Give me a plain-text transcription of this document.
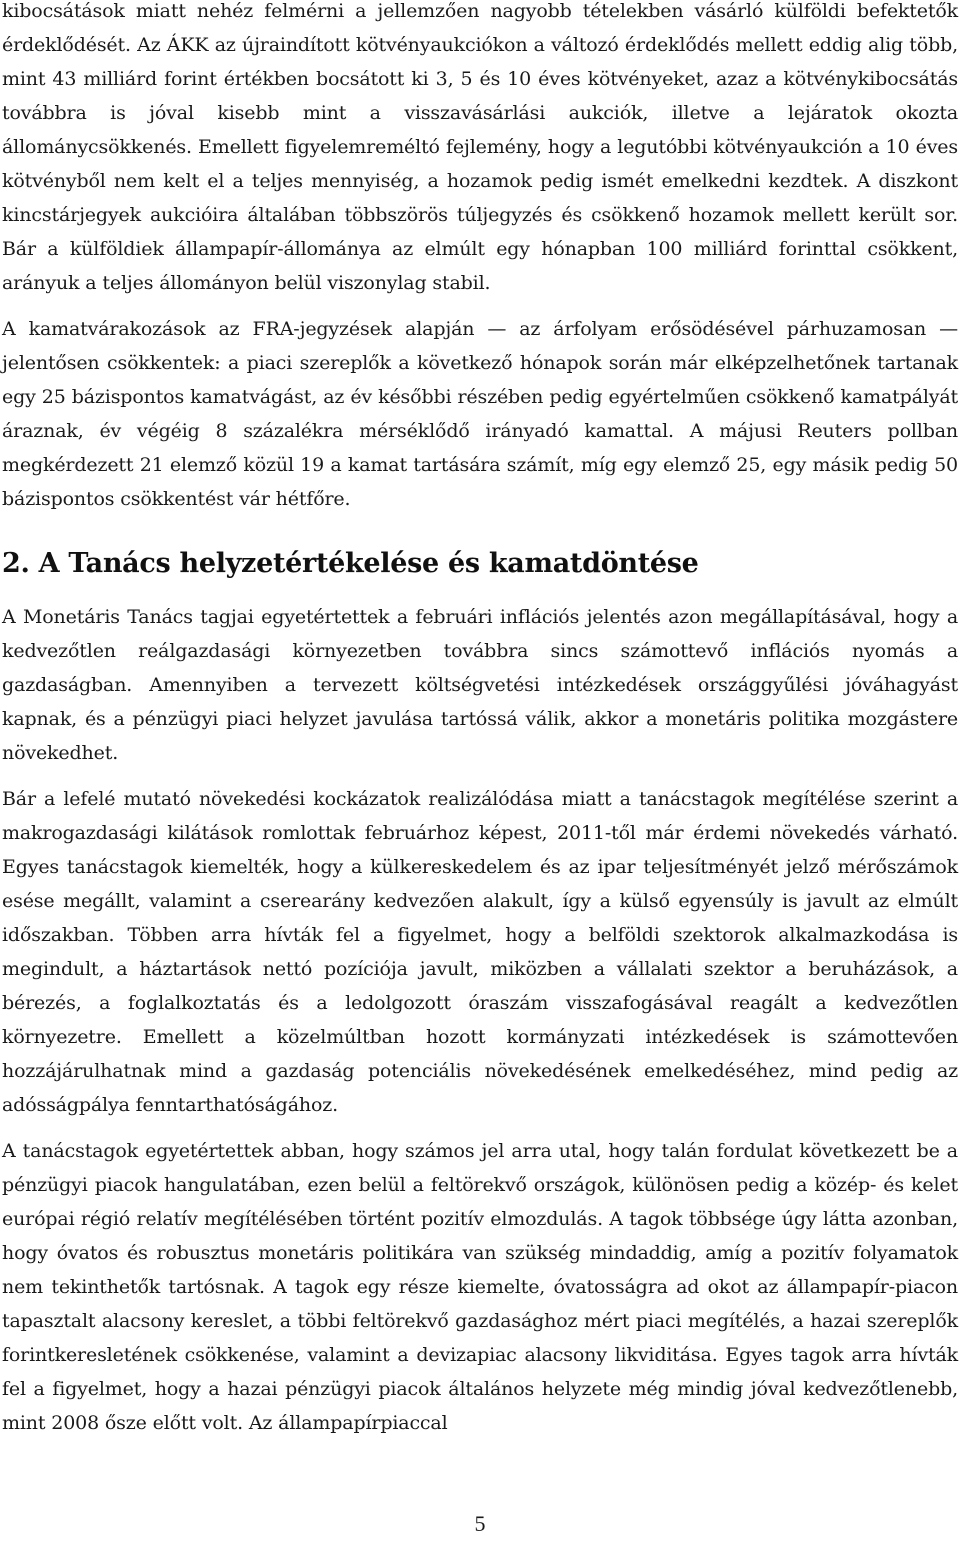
kibocsátások miatt nehéz felmérni a jellemzően nagyobb tételekben vásárló külföldi befektetők érdeklődését. Az ÁKK az újraindított kötvényaukciókon a változó érdeklődés mellett eddig alig több, mint 43 milliárd forint értékben bocsátott ki 3, 5 és 10 éves kötvényeket, azaz a kötvénykibocsátás továbbra is jóval kisebb mint a visszavásárlási aukciók, illetve a lejáratok okozta állománycsökkenés. Emellett figyelemreméltó fejlemény, hogy a legutóbbi kötvényaukción a 10 éves kötvényből nem kelt el a teljes mennyiség, a hozamok pedig ismét emelkedni kezdtek. A diszkont kincstárjegyek aukcióira általában többszörös túljegyzés és csökkenő hozamok mellett került sor. Bár a külföldiek állampapír-állománya az elmúlt egy hónapban 100 milliárd forinttal csökkent, arányuk a teljes állományon belül viszonylag stabil.

A kamatvárakozások az FRA-jegyzések alapján — az árfolyam erősödésével párhuzamosan — jelentősen csökkentek: a piaci szereplők a következő hónapok során már elképzelhetőnek tartanak egy 25 bázispontos kamatvágást, az év későbbi részében pedig egyértelműen csökkenő kamatpályát áraznak, év végéig 8 százalékra mérséklődő irányadó kamattal. A májusi Reuters pollban megkérdezett 21 elemző közül 19 a kamat tartására számít, míg egy elemző 25, egy másik pedig 50 bázispontos csökkentést vár hétfőre.

2. A Tanács helyzetértékelése és kamatdöntése

A Monetáris Tanács tagjai egyetértettek a februári inflációs jelentés azon megállapításával, hogy a kedvezőtlen reálgazdasági környezetben továbbra sincs számottevő inflációs nyomás a gazdaságban. Amennyiben a tervezett költségvetési intézkedések országgyűlési jóváhagyást kapnak, és a pénzügyi piaci helyzet javulása tartóssá válik, akkor a monetáris politika mozgástere növekedhet.

Bár a lefelé mutató növekedési kockázatok realizálódása miatt a tanácstagok megítélése szerint a makrogazdasági kilátások romlottak februárhoz képest, 2011-től már érdemi növekedés várható. Egyes tanácstagok kiemelték, hogy a külkereskedelem és az ipar teljesítményét jelző mérőszámok esése megállt, valamint a cserearány kedvezően alakult, így a külső egyensúly is javult az elmúlt időszakban. Többen arra hívták fel a figyelmet, hogy a belföldi szektorok alkalmazkodása is megindult, a háztartások nettó pozíciója javult, miközben a vállalati szektor a beruházások, a bérezés, a foglalkoztatás és a ledolgozott óraszám visszafogásával reagált a kedvezőtlen környezetre. Emellett a közelmúltban hozott kormányzati intézkedések is számottevően hozzájárulhatnak mind a gazdaság potenciális növekedésének emelkedéséhez, mind pedig az adósságpálya fenntarthatóságához.

A tanácstagok egyetértettek abban, hogy számos jel arra utal, hogy talán fordulat következett be a pénzügyi piacok hangulatában, ezen belül a feltörekvő országok, különösen pedig a közép- és kelet európai régió relatív megítélésében történt pozitív elmozdulás. A tagok többsége úgy látta azonban, hogy óvatos és robusztus monetáris politikára van szükség mindaddig, amíg a pozitív folyamatok nem tekinthetők tartósnak. A tagok egy része kiemelte, óvatosságra ad okot az állampapír-piacon tapasztalt alacsony kereslet, a többi feltörekvő gazdasághoz mért piaci megítélés, a hazai szereplők forintkeresletének csökkenése, valamint a devizapiac alacsony likviditása. Egyes tagok arra hívták fel a figyelmet, hogy a hazai pénzügyi piacok általános helyzete még mindig jóval kedvezőtlenebb, mint 2008 ősze előtt volt. Az állampapírpiaccal

5
